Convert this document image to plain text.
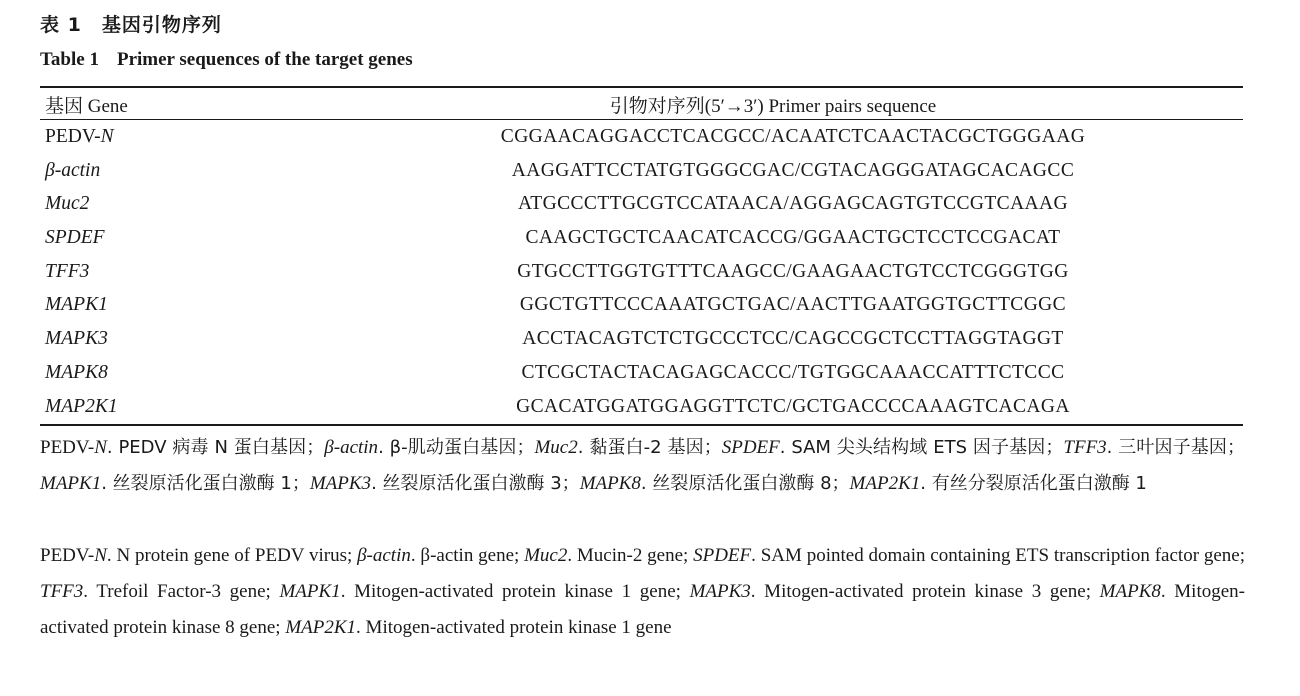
表 1 基因引物序列
Table 1 Primer sequences of the target genes
基因 Gene	引物对序列(5′→3′) Primer pairs sequence
PEDV-N	CGGAACAGGACCTCACGCC/ACAATCTCAACTACGCTGGGAAG
β-actin	AAGGATTCCTATGTGGGCGAC/CGTACAGGGATAGCACAGCC
Muc2	ATGCCCTTGCGTCCATAACA/AGGAGCAGTGTCCGTCAAAG
SPDEF	CAAGCTGCTCAACATCACCG/GGAACTGCTCCTCCGACAT
TFF3	GTGCCTTGGTGTTTCAAGCC/GAAGAACTGTCCTCGGGTGG
MAPK1	GGCTGTTCCCAAATGCTGAC/AACTTGAATGGTGCTTCGGC
MAPK3	ACCTACAGTCTCTGCCCTCC/CAGCCGCTCCTTAGGTAGGT
MAPK8	CTCGCTACTACAGAGCACCC/TGTGGCAAACCATTTCTCCC
MAP2K1	GCACATGGATGGAGGTTCTC/GCTGACCCCAAAGTCACAGA
PEDV-N. PEDV 病毒 N 蛋白基因；β-actin. β-肌动蛋白基因；Muc2. 黏蛋白-2 基因；SPDEF. SAM 尖头结构域 ETS 因子基因；TFF3. 三叶因子基因；MAPK1. 丝裂原活化蛋白激酶 1；MAPK3. 丝裂原活化蛋白激酶 3；MAPK8. 丝裂原活化蛋白激酶 8；MAP2K1. 有丝分裂原活化蛋白激酶 1
PEDV-N. N protein gene of PEDV virus; β-actin. β-actin gene; Muc2. Mucin-2 gene; SPDEF. SAM pointed domain containing ETS transcription factor gene; TFF3. Trefoil Factor-3 gene; MAPK1. Mitogen-activated protein kinase 1 gene; MAPK3. Mitogen-activated protein kinase 3 gene; MAPK8. Mitogen-activated protein kinase 8 gene; MAP2K1. Mitogen-activated protein kinase 1 gene
